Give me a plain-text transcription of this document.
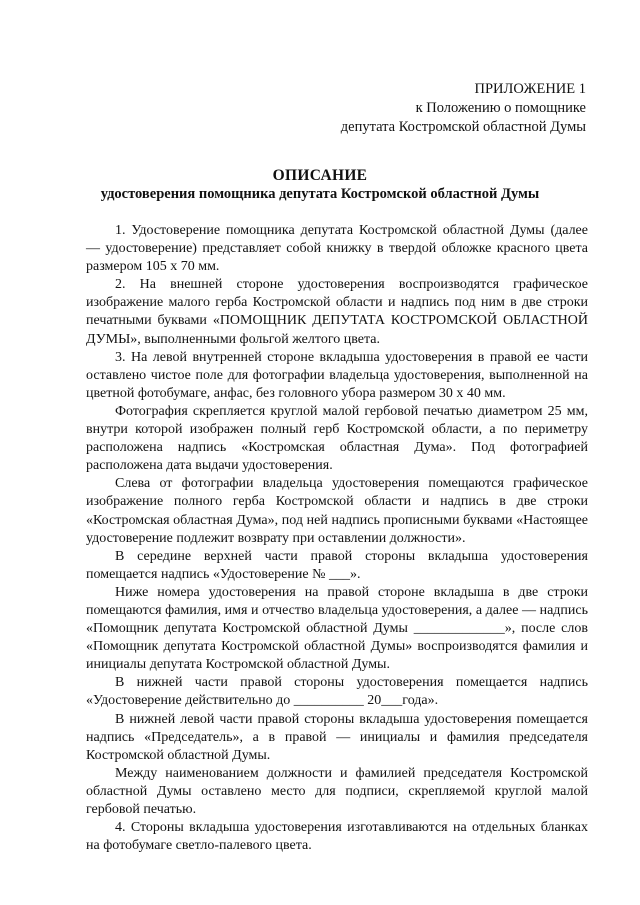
ПРИЛОЖЕНИЕ 1
к Положению о помощнике
депутата Костромской областной Думы
ОПИСАНИЕ
удостоверения помощника депутата Костромской областной Думы

1. Удостоверение помощника депутата Костромской областной Думы (далее — удостоверение) представляет собой книжку в твердой обложке красного цвета размером 105 х 70 мм.

2. На внешней стороне удостоверения воспроизводятся графическое изображение малого герба Костромской области и надпись под ним в две строки печатными буквами «ПОМОЩНИК ДЕПУТАТА КОСТРОМСКОЙ ОБЛАСТНОЙ ДУМЫ», выполненными фольгой желтого цвета.

3. На левой внутренней стороне вкладыша удостоверения в правой ее части оставлено чистое поле для фотографии владельца удостоверения, выполненной на цветной фотобумаге, анфас, без головного убора размером 30 х 40 мм.

Фотография скрепляется круглой малой гербовой печатью диаметром 25 мм, внутри которой изображен полный герб Костромской области, а по периметру расположена надпись «Костромская областная Дума». Под фотографией расположена дата выдачи удостоверения.

Слева от фотографии владельца удостоверения помещаются графическое изображение полного герба Костромской области и надпись в две строки «Костромская областная Дума», под ней надпись прописными буквами «Настоящее удостоверение подлежит возврату при оставлении должности».

В середине верхней части правой стороны вкладыша удостоверения помещается надпись «Удостоверение № ___».

Ниже номера удостоверения на правой стороне вкладыша в две строки помещаются фамилия, имя и отчество владельца удостоверения, а далее — надпись «Помощник депутата Костромской областной Думы _____________», после слов «Помощник депутата Костромской областной Думы» воспроизводятся фамилия и инициалы депутата Костромской областной Думы.

В нижней части правой стороны удостоверения помещается надпись «Удостоверение действительно до __________ 20___года».

В нижней левой части правой стороны вкладыша удостоверения помещается надпись «Председатель», а в правой — инициалы и фамилия председателя Костромской областной Думы.

Между наименованием должности и фамилией председателя Костромской областной Думы оставлено место для подписи, скрепляемой круглой малой гербовой печатью.

4. Стороны вкладыша удостоверения изготавливаются на отдельных бланках на фотобумаге светло-палевого цвета.
